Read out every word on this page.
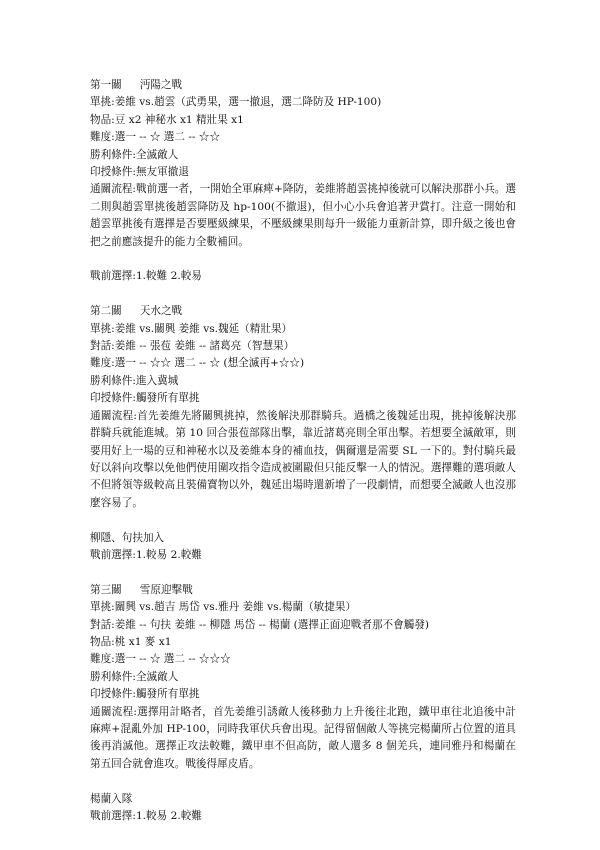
第一關 沔陽之戰
單挑:姜維 vs.趙雲（武勇果，選一撤退，選二降防及 HP-100)
物品:豆 x2 神秘水 x1 精壯果 x1
難度:選一 -- ☆ 選二 -- ☆☆
勝利條件:全滅敵人
印授條件:無友軍撤退
通關流程:戰前選一者，一開始全軍麻痺+降防，姜維將趙雲挑掉後就可以解決那群小兵。選二則與趙雲單挑後趙雲降防及 hp-100(不撤退)，但小心小兵會追著尹賞打。注意一開始和趙雲單挑後有選擇是否要壓級練果，不壓級練果則每升一級能力重新計算，即升級之後也會把之前應該提升的能力全數補回。
戰前選擇:1.較難 2.較易
第二關 天水之戰
單挑:姜維 vs.關興 姜維 vs.魏延（精壯果）
對話:姜維 -- 張苞 姜維 -- 諸葛亮（智慧果）
難度:選一 -- ☆☆ 選二 -- ☆ (想全滅再+☆☆)
勝利條件:進入冀城
印授條件:觸發所有單挑
通關流程:首先姜維先將關興挑掉，然後解決那群騎兵。過橋之後魏延出現，挑掉後解決那群騎兵就能進城。第 10 回合張苞部隊出擊，靠近諸葛亮則全軍出擊。若想要全滅敵軍，則要用好上一場的豆和神秘水以及姜維本身的補血技，偶爾還是需要 SL 一下的。對付騎兵最好以斜向攻擊以免他們使用圍攻指令造成被圍毆但只能反擊一人的情況。選擇難的選項敵人不但將領等級較高且裝備寶物以外，魏延出場時還新增了一段劇情，而想要全滅敵人也沒那麼容易了。
柳隱、句扶加入
戰前選擇:1.較易 2.較難
第三關 雪原迎擊戰
單挑:關興 vs.趙吉 馬岱 vs.雅丹 姜維 vs.楊蘭（敏捷果）
對話:姜維 -- 句扶 姜維 -- 柳隱 馬岱 -- 楊蘭 (選擇正面迎戰者那不會觸發)
物品:桃 x1 麥 x1
難度:選一 -- ☆ 選二 -- ☆☆☆
勝利條件:全滅敵人
印授條件:觸發所有單挑
通關流程:選擇用計略者，首先姜維引誘敵人後移動力上升後往北跑，鐵甲車往北追後中計麻痺+混亂外加 HP-100，同時我軍伏兵會出現。記得留個敵人等挑完楊蘭所占位置的道具後再消滅他。選擇正攻法較難，鐵甲車不但高防，敵人還多 8 個羌兵，連同雅丹和楊蘭在第五回合就會進攻。戰後得犀皮盾。
楊蘭入隊
戰前選擇:1.較易 2.較難
